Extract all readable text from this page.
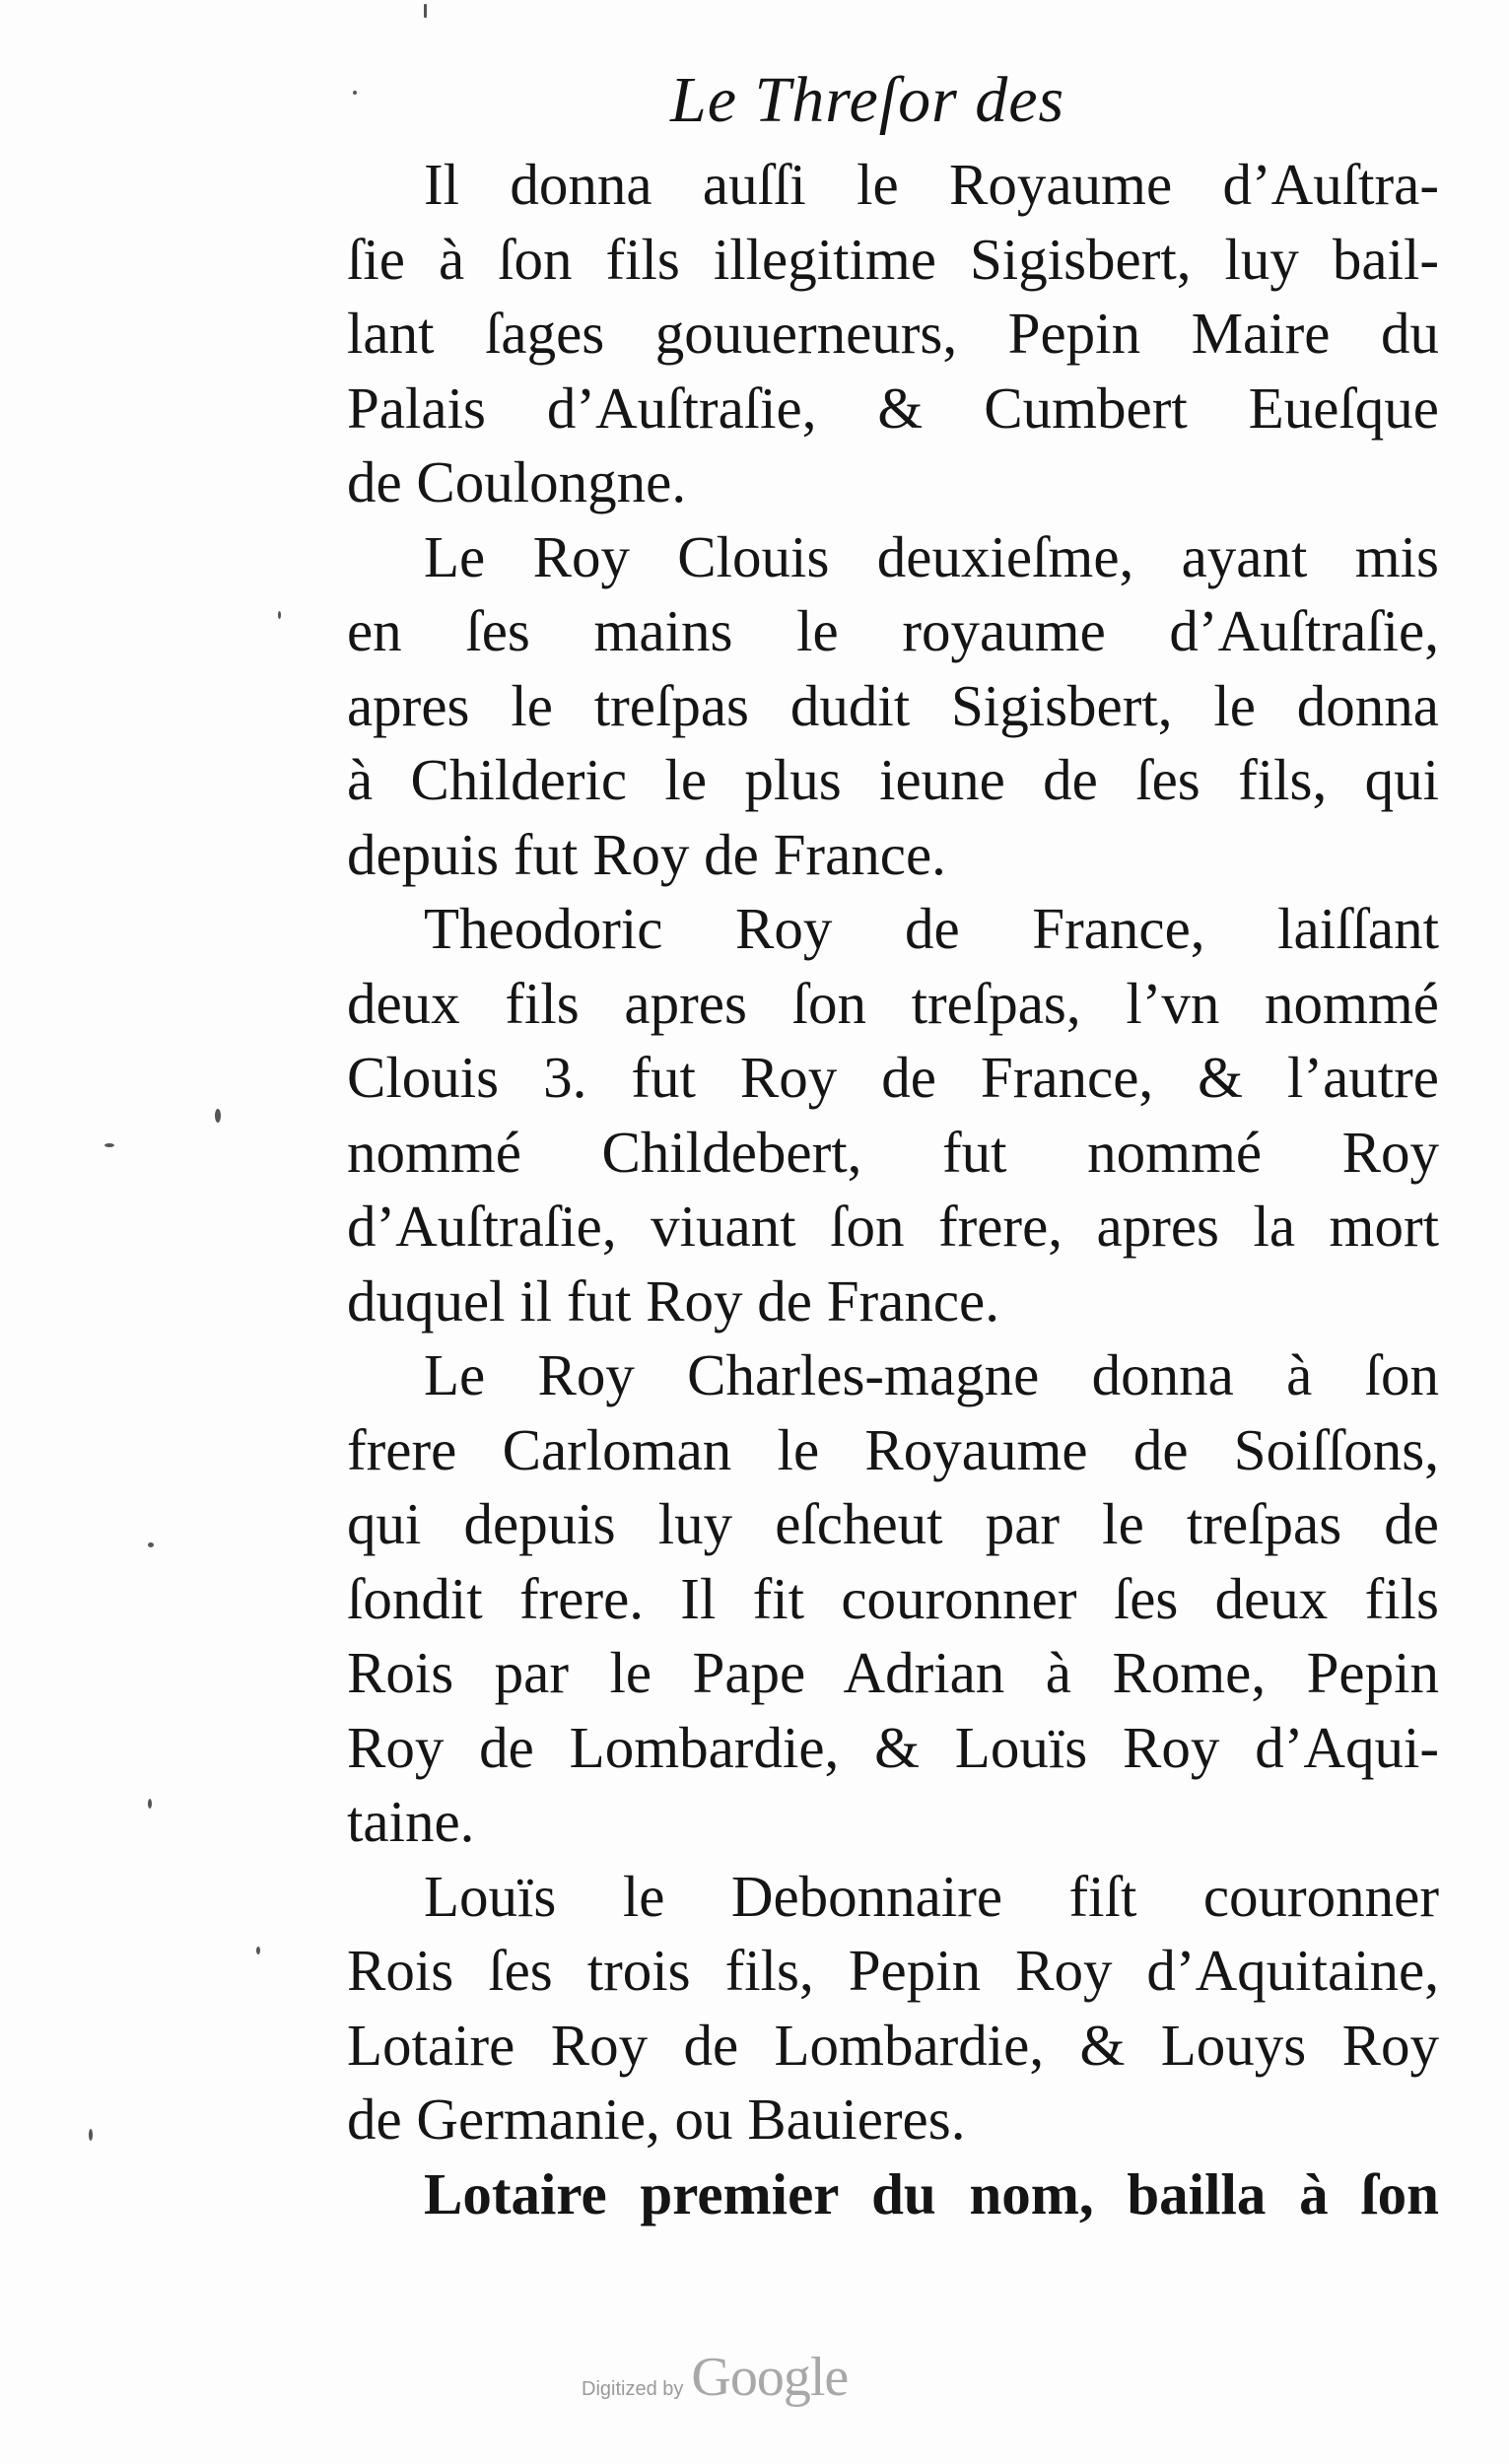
Le Threſor des
Il donna auſſi le Royaume d’Auſtra-
ſie à ſon fils illegitime Sigisbert, luy bail-
lant ſages gouuerneurs, Pepin Maire du
Palais d’Auſtraſie, & Cumbert Eueſque
de Coulongne.
Le Roy Clouis deuxieſme, ayant mis
en ſes mains le royaume d’Auſtraſie,
apres le treſpas dudit Sigisbert, le donna
à Childeric le plus ieune de ſes fils, qui
depuis fut Roy de France.
Theodoric Roy de France, laiſſant
deux fils apres ſon treſpas, l’vn nommé
Clouis 3. fut Roy de France, & l’autre
nommé Childebert, fut nommé Roy
d’Auſtraſie, viuant ſon frere, apres la mort
duquel il fut Roy de France.
Le Roy Charles-magne donna à ſon
frere Carloman le Royaume de Soiſſons,
qui depuis luy eſcheut par le treſpas de
ſondit frere. Il fit couronner ſes deux fils
Rois par le Pape Adrian à Rome, Pepin
Roy de Lombardie, & Louïs Roy d’Aqui-
taine.
Louïs le Debonnaire fiſt couronner
Rois ſes trois fils, Pepin Roy d’Aquitaine,
Lotaire Roy de Lombardie, & Louys Roy
de Germanie, ou Bauieres.
Lotaire premier du nom, bailla à ſon
Digitized by Google
